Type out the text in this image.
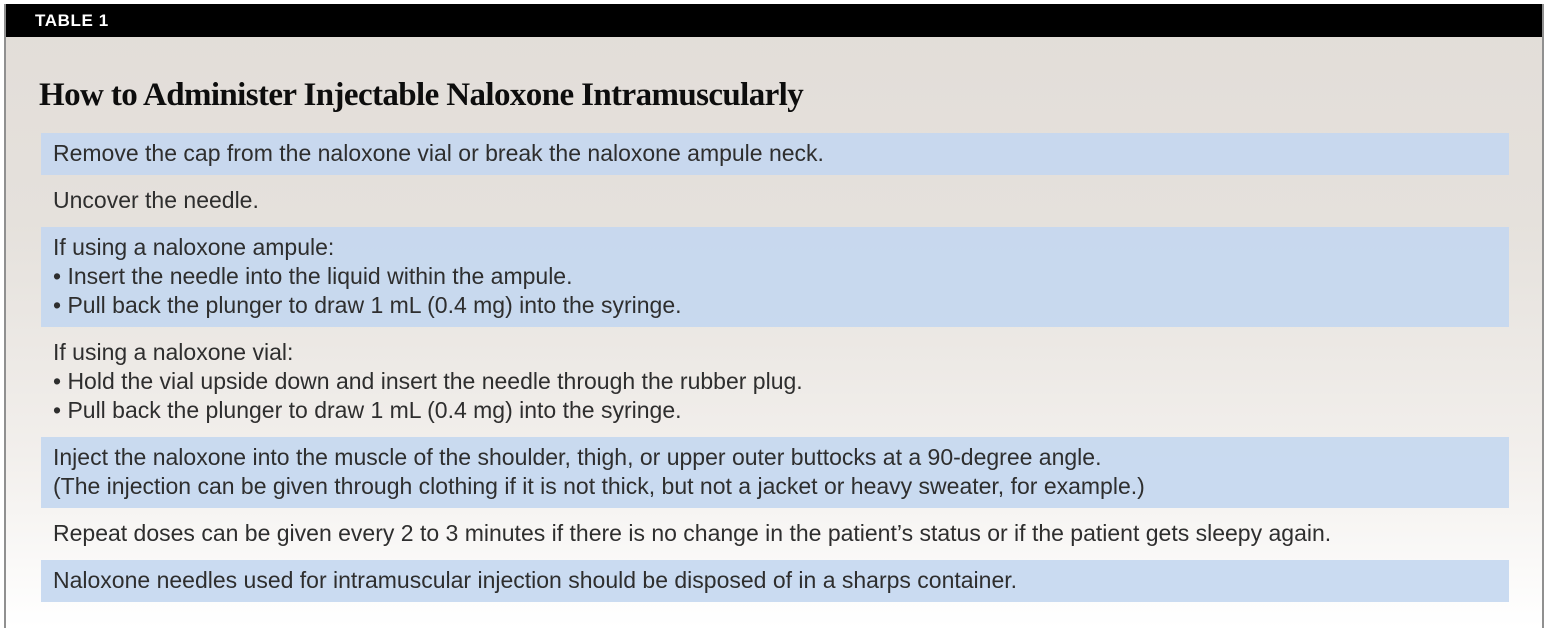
TABLE 1
How to Administer Injectable Naloxone Intramuscularly
Remove the cap from the naloxone vial or break the naloxone ampule neck.
Uncover the needle.
If using a naloxone ampule:
• Insert the needle into the liquid within the ampule.
• Pull back the plunger to draw 1 mL (0.4 mg) into the syringe.
If using a naloxone vial:
• Hold the vial upside down and insert the needle through the rubber plug.
• Pull back the plunger to draw 1 mL (0.4 mg) into the syringe.
Inject the naloxone into the muscle of the shoulder, thigh, or upper outer buttocks at a 90-degree angle.
(The injection can be given through clothing if it is not thick, but not a jacket or heavy sweater, for example.)
Repeat doses can be given every 2 to 3 minutes if there is no change in the patient’s status or if the patient gets sleepy again.
Naloxone needles used for intramuscular injection should be disposed of in a sharps container.
